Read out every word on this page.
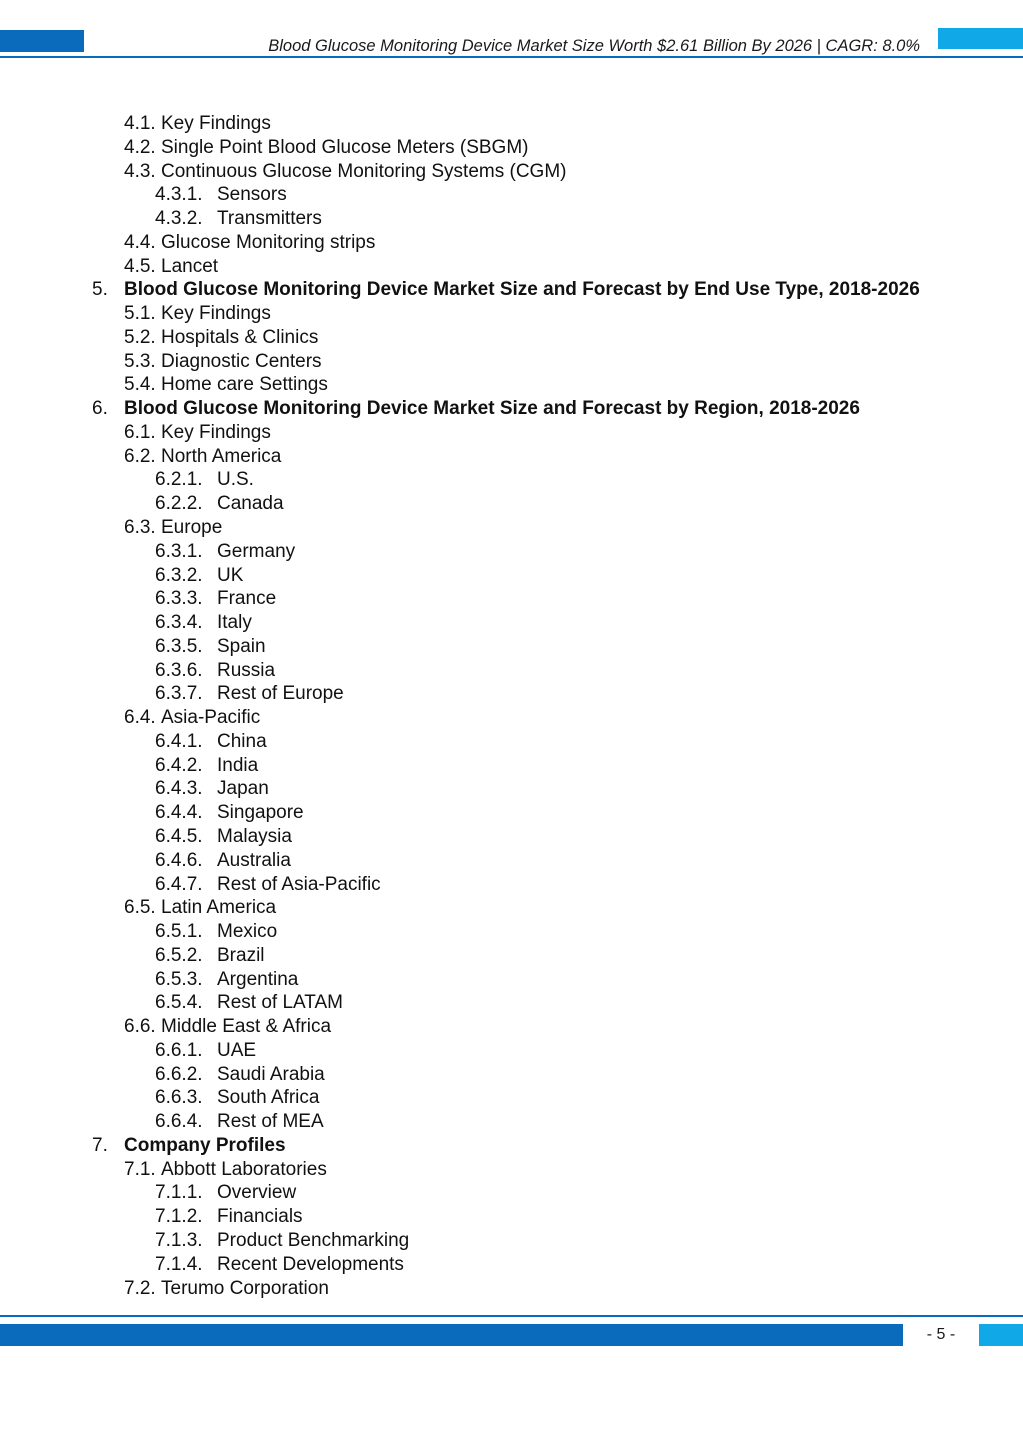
Blood Glucose Monitoring Device Market Size Worth $2.61 Billion By 2026 | CAGR: 8.0%
4.1. Key Findings
4.2. Single Point Blood Glucose Meters (SBGM)
4.3. Continuous Glucose Monitoring Systems (CGM)
4.3.1. Sensors
4.3.2. Transmitters
4.4. Glucose Monitoring strips
4.5. Lancet
5. Blood Glucose Monitoring Device Market Size and Forecast by End Use Type, 2018-2026
5.1. Key Findings
5.2. Hospitals & Clinics
5.3. Diagnostic Centers
5.4. Home care Settings
6. Blood Glucose Monitoring Device Market Size and Forecast by Region, 2018-2026
6.1. Key Findings
6.2. North America
6.2.1. U.S.
6.2.2. Canada
6.3. Europe
6.3.1. Germany
6.3.2. UK
6.3.3. France
6.3.4. Italy
6.3.5. Spain
6.3.6. Russia
6.3.7. Rest of Europe
6.4. Asia-Pacific
6.4.1. China
6.4.2. India
6.4.3. Japan
6.4.4. Singapore
6.4.5. Malaysia
6.4.6. Australia
6.4.7. Rest of Asia-Pacific
6.5. Latin America
6.5.1. Mexico
6.5.2. Brazil
6.5.3. Argentina
6.5.4. Rest of LATAM
6.6. Middle East & Africa
6.6.1. UAE
6.6.2. Saudi Arabia
6.6.3. South Africa
6.6.4. Rest of MEA
7. Company Profiles
7.1. Abbott Laboratories
7.1.1. Overview
7.1.2. Financials
7.1.3. Product Benchmarking
7.1.4. Recent Developments
7.2. Terumo Corporation
- 5 -
